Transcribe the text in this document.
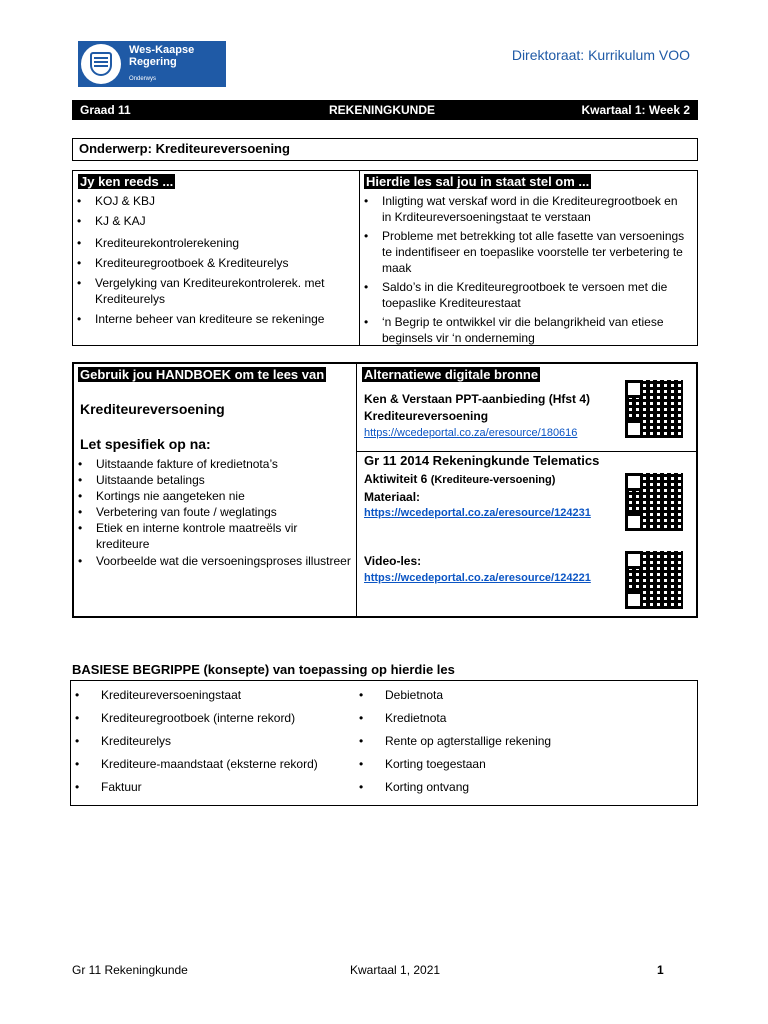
Wes-Kaapse
Regering
Onderwys
Direktoraat: Kurrikulum VOO
Graad 11	REKENINGKUNDE	Kwartaal 1: Week 2
Onderwerp: Krediteureversoening
Jy ken reeds ...
• KOJ & KBJ
• KJ & KAJ
• Krediteurekontrolerekening
• Krediteuregrootboek & Krediteurelys
• Vergelyking van Krediteurekontrolerek. met Krediteurelys
• Interne beheer van krediteure se rekeninge
Hierdie les sal jou in staat stel om ...
• Inligting wat verskaf word in die Krediteuregrootboek en in Krditeureversoeningstaat te verstaan
• Probleme met betrekking tot alle fasette van versoenings te indentifiseer en toepaslike voorstelle ter verbetering te maak
• Saldo’s in die Krediteuregrootboek te versoen met die toepaslike Krediteurestaat
• ‘n Begrip te ontwikkel vir die belangrikheid van etiese beginsels vir ‘n onderneming
Gebruik jou HANDBOEK om te lees van
Krediteureversoening
Let spesifiek op na:
• Uitstaande fakture of kredietnota’s
• Uitstaande betalings
• Kortings nie aangeteken nie
• Verbetering van foute / weglatings
• Etiek en interne kontrole maatreëls vir krediteure
• Voorbeelde wat die versoeningsproses illustreer
Alternatiewe digitale bronne
Ken & Verstaan PPT-aanbieding (Hfst 4)
Krediteureversoening
https://wcedeportal.co.za/eresource/180616
Gr 11 2014 Rekeningkunde Telematics
Aktiwiteit 6 (Krediteure-versoening)
Materiaal:
https://wcedeportal.co.za/eresource/124231
Video-les:
https://wcedeportal.co.za/eresource/124221
BASIESE BEGRIPPE (konsepte) van toepassing op hierdie les
• Krediteureversoeningstaat
• Krediteuregrootboek (interne rekord)
• Krediteurelys
• Krediteure-maandstaat (eksterne rekord)
• Faktuur
• Debietnota
• Kredietnota
• Rente op agterstallige rekening
• Korting toegestaan
• Korting ontvang
Gr 11 Rekeningkunde	Kwartaal 1, 2021	1
